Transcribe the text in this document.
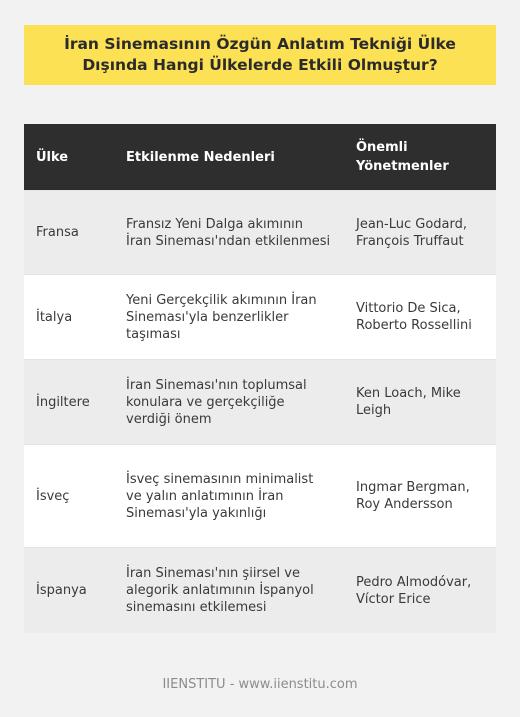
İran Sinemasının Özgün Anlatım Tekniği Ülke Dışında Hangi Ülkelerde Etkili Olmuştur?
Ülke	Etkilenme Nedenleri	Önemli Yönetmenler
Fransa	Fransız Yeni Dalga akımının İran Sineması'ndan etkilenmesi	Jean-Luc Godard, François Truffaut
İtalya	Yeni Gerçekçilik akımının İran Sineması'yla benzerlikler taşıması	Vittorio De Sica, Roberto Rossellini
İngiltere	İran Sineması'nın toplumsal konulara ve gerçekçiliğe verdiği önem	Ken Loach, Mike Leigh
İsveç	İsveç sinemasının minimalist ve yalın anlatımının İran Sineması'yla yakınlığı	Ingmar Bergman, Roy Andersson
İspanya	İran Sineması'nın şiirsel ve alegorik anlatımının İspanyol sinemasını etkilemesi	Pedro Almodóvar, Víctor Erice
IIENSTITU - www.iienstitu.com
